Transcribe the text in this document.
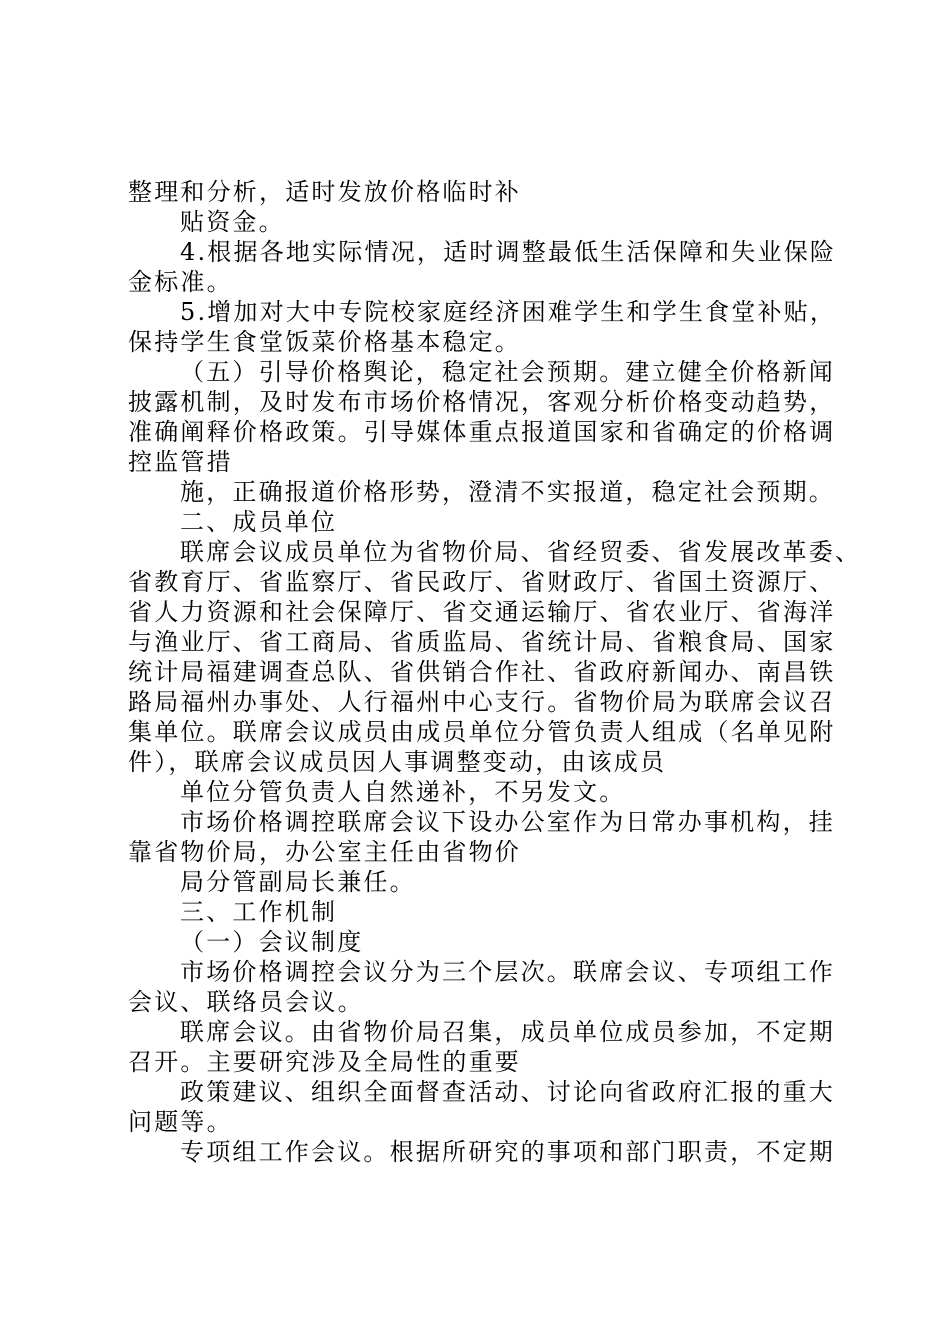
整理和分析，适时发放价格临时补
贴资金。
4.根据各地实际情况，适时调整最低生活保障和失业保险
金标准。
5.增加对大中专院校家庭经济困难学生和学生食堂补贴，
保持学生食堂饭菜价格基本稳定。
（五）引导价格舆论，稳定社会预期。建立健全价格新闻
披露机制，及时发布市场价格情况，客观分析价格变动趋势，
准确阐释价格政策。引导媒体重点报道国家和省确定的价格调
控监管措
施，正确报道价格形势，澄清不实报道，稳定社会预期。
二、成员单位
联席会议成员单位为省物价局、省经贸委、省发展改革委、
省教育厅、省监察厅、省民政厅、省财政厅、省国土资源厅、
省人力资源和社会保障厅、省交通运输厅、省农业厅、省海洋
与渔业厅、省工商局、省质监局、省统计局、省粮食局、国家
统计局福建调查总队、省供销合作社、省政府新闻办、南昌铁
路局福州办事处、人行福州中心支行。省物价局为联席会议召
集单位。联席会议成员由成员单位分管负责人组成（名单见附
件），联席会议成员因人事调整变动，由该成员
单位分管负责人自然递补，不另发文。
市场价格调控联席会议下设办公室作为日常办事机构，挂
靠省物价局，办公室主任由省物价
局分管副局长兼任。
三、工作机制
（一）会议制度
市场价格调控会议分为三个层次。联席会议、专项组工作
会议、联络员会议。
联席会议。由省物价局召集，成员单位成员参加，不定期
召开。主要研究涉及全局性的重要
政策建议、组织全面督查活动、讨论向省政府汇报的重大
问题等。
专项组工作会议。根据所研究的事项和部门职责，不定期
